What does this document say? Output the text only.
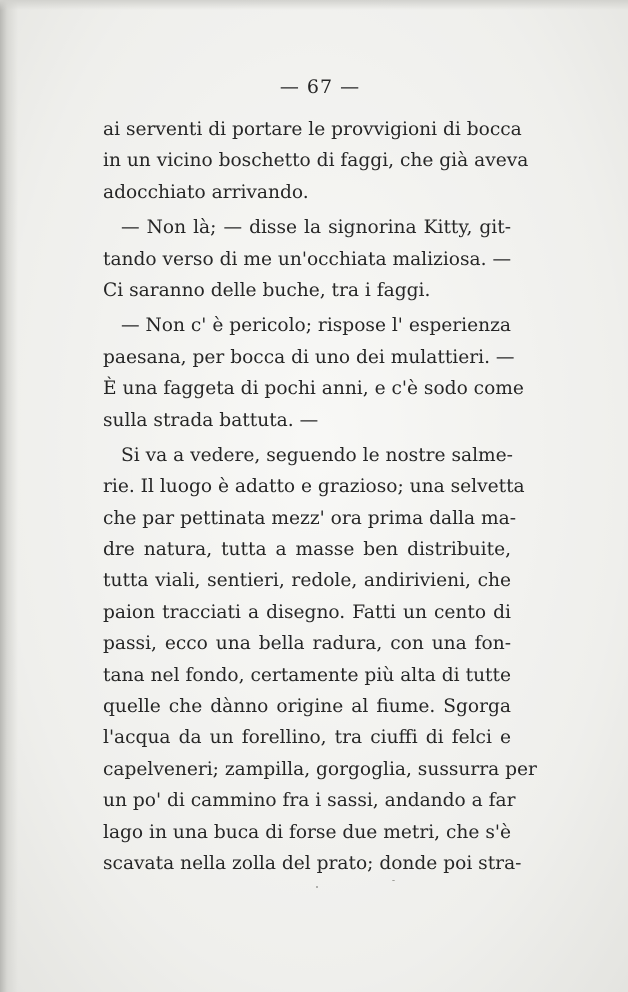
— 67 —
ai serventi di portare le provvigioni di bocca
in un vicino boschetto di faggi, che già aveva
adocchiato arrivando.
— Non là; — disse la signorina Kitty, git-
tando verso di me un'occhiata maliziosa. —
Ci saranno delle buche, tra i faggi.
— Non c' è pericolo; rispose l' esperienza
paesana, per bocca di uno dei mulattieri. —
È una faggeta di pochi anni, e c'è sodo come
sulla strada battuta. —
Si va a vedere, seguendo le nostre salme-
rie. Il luogo è adatto e grazioso; una selvetta
che par pettinata mezz' ora prima dalla ma-
dre natura, tutta a masse ben distribuite,
tutta viali, sentieri, redole, andirivieni, che
paion tracciati a disegno. Fatti un cento di
passi, ecco una bella radura, con una fon-
tana nel fondo, certamente più alta di tutte
quelle che dànno origine al fiume. Sgorga
l'acqua da un forellino, tra ciuffi di felci e
capelveneri; zampilla, gorgoglia, sussurra per
un po' di cammino fra i sassi, andando a far
lago in una buca di forse due metri, che s'è
scavata nella zolla del prato; donde poi stra-
